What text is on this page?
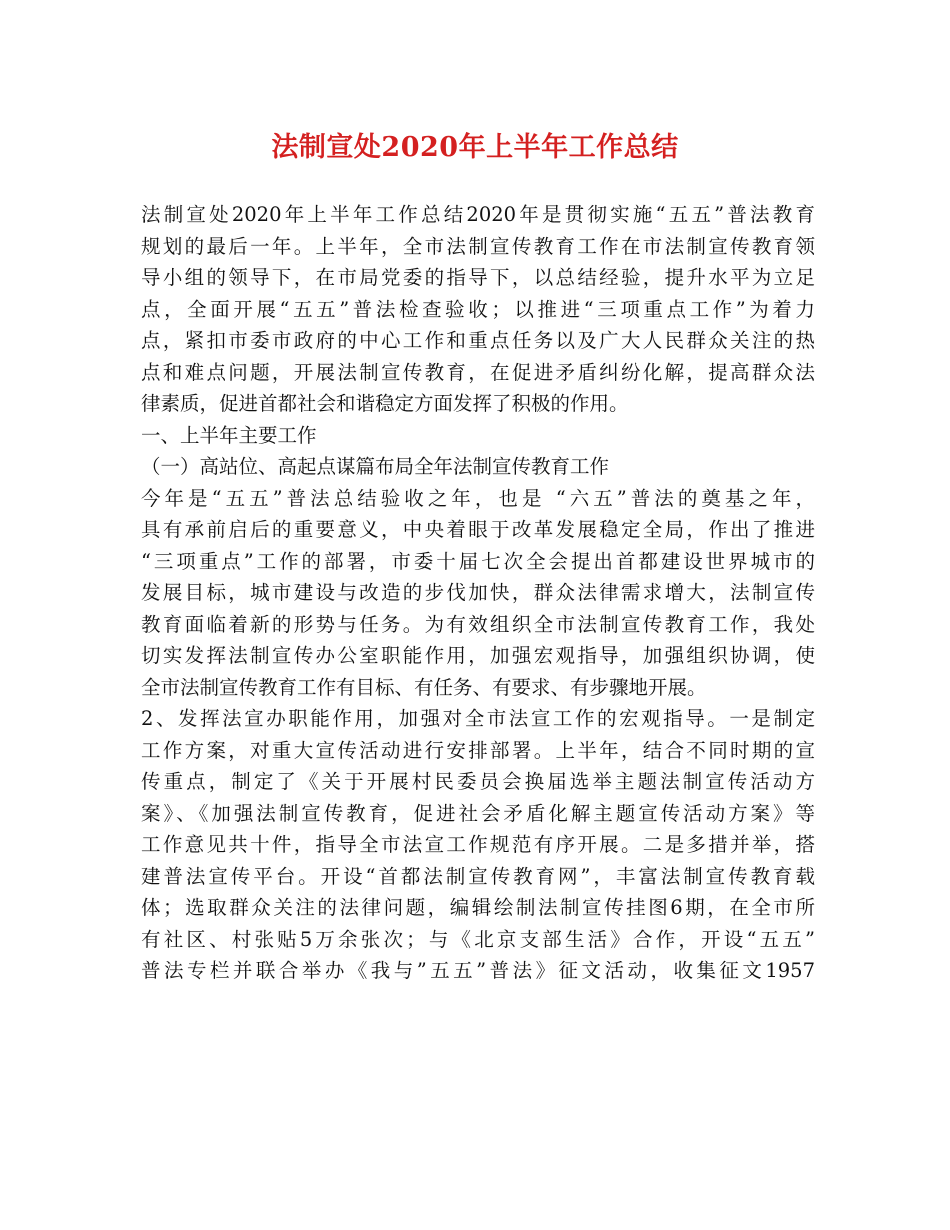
法制宣处2020年上半年工作总结
法制宣处2020年上半年工作总结2020年是贯彻实施“五五”普法教育
规划的最后一年。上半年，全市法制宣传教育工作在市法制宣传教育领
导小组的领导下，在市局党委的指导下，以总结经验，提升水平为立足
点，全面开展“五五”普法检查验收；以推进“三项重点工作”为着力
点，紧扣市委市政府的中心工作和重点任务以及广大人民群众关注的热
点和难点问题，开展法制宣传教育，在促进矛盾纠纷化解，提高群众法
律素质，促进首都社会和谐稳定方面发挥了积极的作用。
一、上半年主要工作
（一）高站位、高起点谋篇布局全年法制宣传教育工作
今年是“五五”普法总结验收之年，也是 “六五”普法的奠基之年，
具有承前启后的重要意义，中央着眼于改革发展稳定全局，作出了推进
“三项重点”工作的部署，市委十届七次全会提出首都建设世界城市的
发展目标，城市建设与改造的步伐加快，群众法律需求增大，法制宣传
教育面临着新的形势与任务。为有效组织全市法制宣传教育工作，我处
切实发挥法制宣传办公室职能作用，加强宏观指导，加强组织协调，使
全市法制宣传教育工作有目标、有任务、有要求、有步骤地开展。
2、发挥法宣办职能作用，加强对全市法宣工作的宏观指导。一是制定
工作方案，对重大宣传活动进行安排部署。上半年，结合不同时期的宣
传重点，制定了《关于开展村民委员会换届选举主题法制宣传活动方
案》、《加强法制宣传教育，促进社会矛盾化解主题宣传活动方案》等
工作意见共十件，指导全市法宣工作规范有序开展。二是多措并举，搭
建普法宣传平台。开设“首都法制宣传教育网”，丰富法制宣传教育载
体；选取群众关注的法律问题，编辑绘制法制宣传挂图6期，在全市所
有社区、村张贴5万余张次；与《北京支部生活》合作，开设“五五”
普法专栏并联合举办《我与”五五”普法》征文活动，收集征文1957
